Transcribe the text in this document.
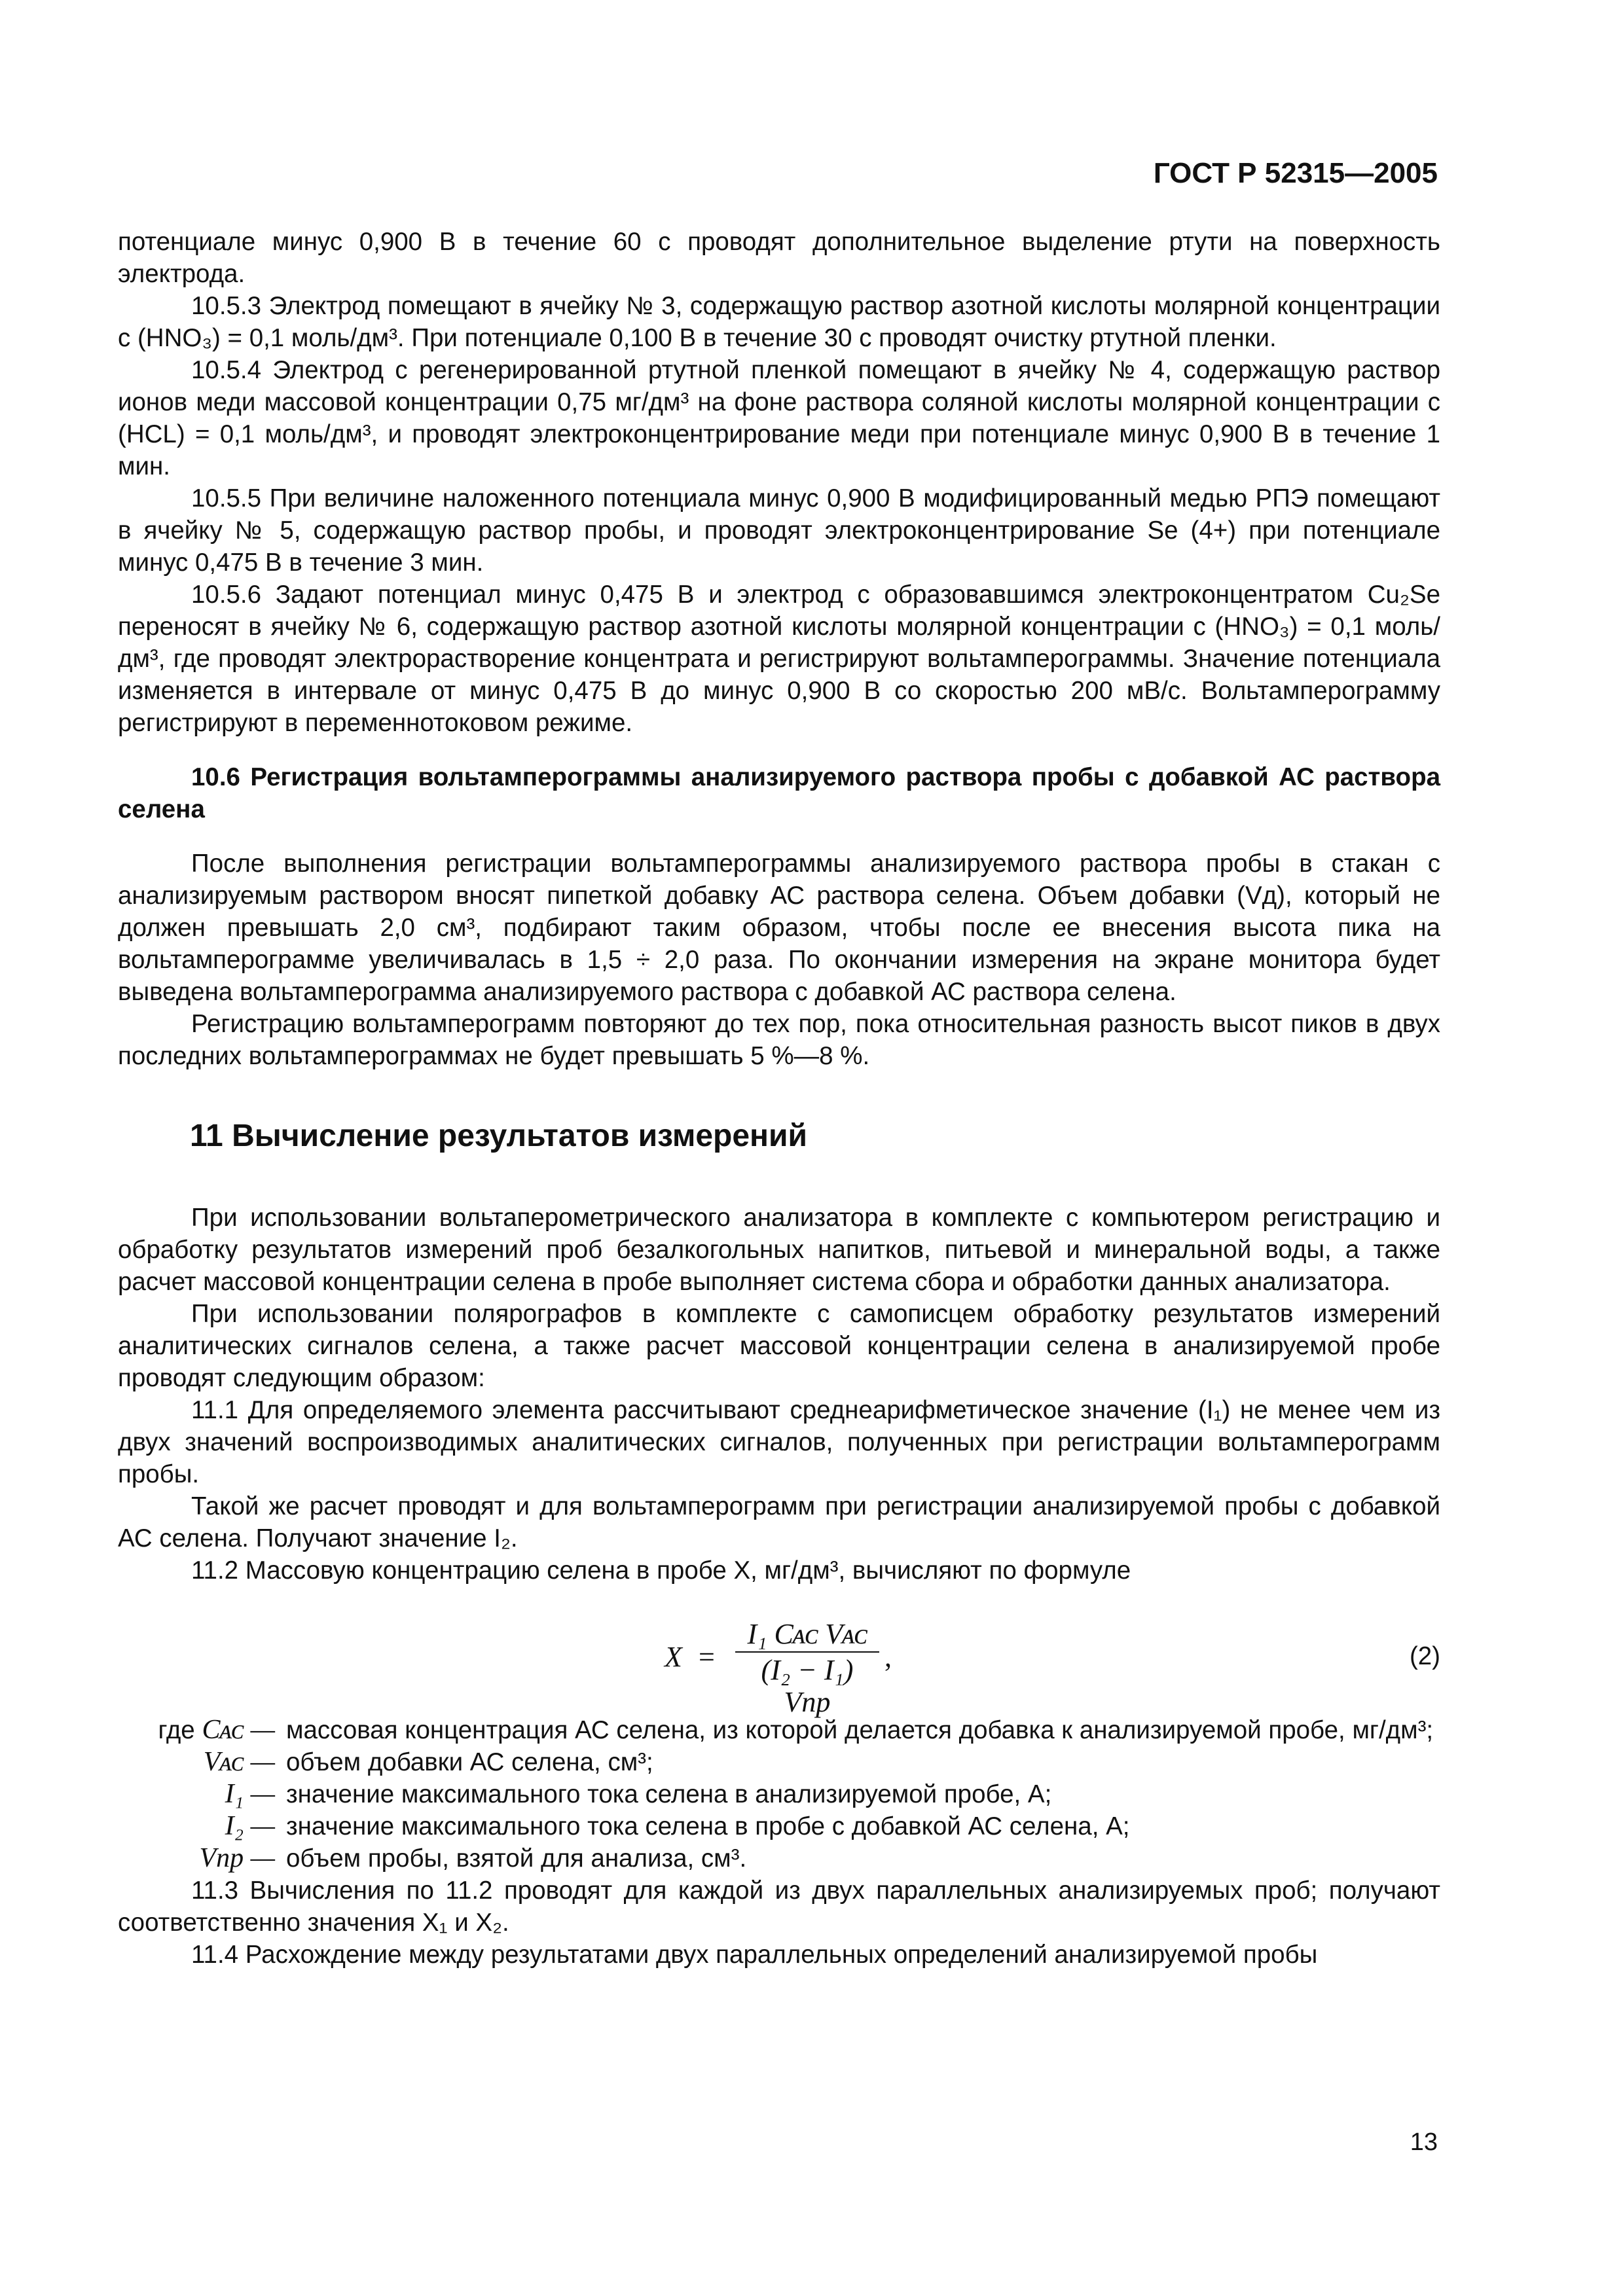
ГОСТ Р 52315—2005

потенциале минус 0,900 В в течение 60 с проводят дополнительное выделение ртути на поверхность электрода.

10.5.3 Электрод помещают в ячейку № 3, содержащую раствор азотной кислоты молярной концентрации c (HNO₃) = 0,1 моль/дм³. При потенциале 0,100 В в течение 30 с проводят очистку ртутной пленки.

10.5.4 Электрод с регенерированной ртутной пленкой помещают в ячейку № 4, содержащую раствор ионов меди массовой концентрации 0,75 мг/дм³ на фоне раствора соляной кислоты молярной концентрации c (HCL) = 0,1 моль/дм³, и проводят электроконцентрирование меди при потенциале минус 0,900 В в течение 1 мин.

10.5.5 При величине наложенного потенциала минус 0,900 В модифицированный медью РПЭ помещают в ячейку № 5, содержащую раствор пробы, и проводят электроконцентрирование Se (4+) при потенциале минус 0,475 В в течение 3 мин.

10.5.6 Задают потенциал минус 0,475 В и электрод с образовавшимся электроконцентратом Cu₂Se переносят в ячейку № 6, содержащую раствор азотной кислоты молярной концентрации c (HNO₃) = 0,1 моль/дм³, где проводят электрорастворение концентрата и регистрируют вольтамперограммы. Значение потенциала изменяется в интервале от минус 0,475 В до минус 0,900 В со скоростью 200 мВ/с. Вольтамперограмму регистрируют в переменнотоковом режиме.

10.6 Регистрация вольтамперограммы анализируемого раствора пробы с добавкой АС раствора селена

После выполнения регистрации вольтамперограммы анализируемого раствора пробы в стакан с анализируемым раствором вносят пипеткой добавку АС раствора селена. Объем добавки (Vд), который не должен превышать 2,0 см³, подбирают таким образом, чтобы после ее внесения высота пика на вольтамперограмме увеличивалась в 1,5 ÷ 2,0 раза. По окончании измерения на экране монитора будет выведена вольтамперограмма анализируемого раствора с добавкой АС раствора селена.

Регистрацию вольтамперограмм повторяют до тех пор, пока относительная разность высот пиков в двух последних вольтамперограммах не будет превышать 5 %—8 %.

11 Вычисление результатов измерений

При использовании вольтаперометрического анализатора в комплекте с компьютером регистрацию и обработку результатов измерений проб безалкогольных напитков, питьевой и минеральной воды, а также расчет массовой концентрации селена в пробе выполняет система сбора и обработки данных анализатора.

При использовании полярографов в комплекте с самописцем обработку результатов измерений аналитических сигналов селена, а также расчет массовой концентрации селена в анализируемой пробе проводят следующим образом:

11.1 Для определяемого элемента рассчитывают среднеарифметическое значение (I₁) не менее чем из двух значений воспроизводимых аналитических сигналов, полученных при регистрации вольтамперограмм пробы.

Такой же расчет проводят и для вольтамперограмм при регистрации анализируемой пробы с добавкой АС селена. Получают значение I₂.

11.2 Массовую концентрацию селена в пробе X, мг/дм³, вычисляют по формуле

X =
I₁ Cᴀᴄ Vᴀᴄ
(I₂ − I₁) Vпр
,	(2)
где Cᴀᴄ — массовая концентрация АС селена, из которой делается добавка к анализируемой пробе, мг/дм³;
Vᴀᴄ — объем добавки АС селена, см³;
I₁ — значение максимального тока селена в анализируемой пробе, А;
I₂ — значение максимального тока селена в пробе с добавкой АС селена, А;
Vпр — объем пробы, взятой для анализа, см³.

11.3 Вычисления по 11.2 проводят для каждой из двух параллельных анализируемых проб; получают соответственно значения X₁ и X₂.

11.4 Расхождение между результатами двух параллельных определений анализируемой пробы

13
